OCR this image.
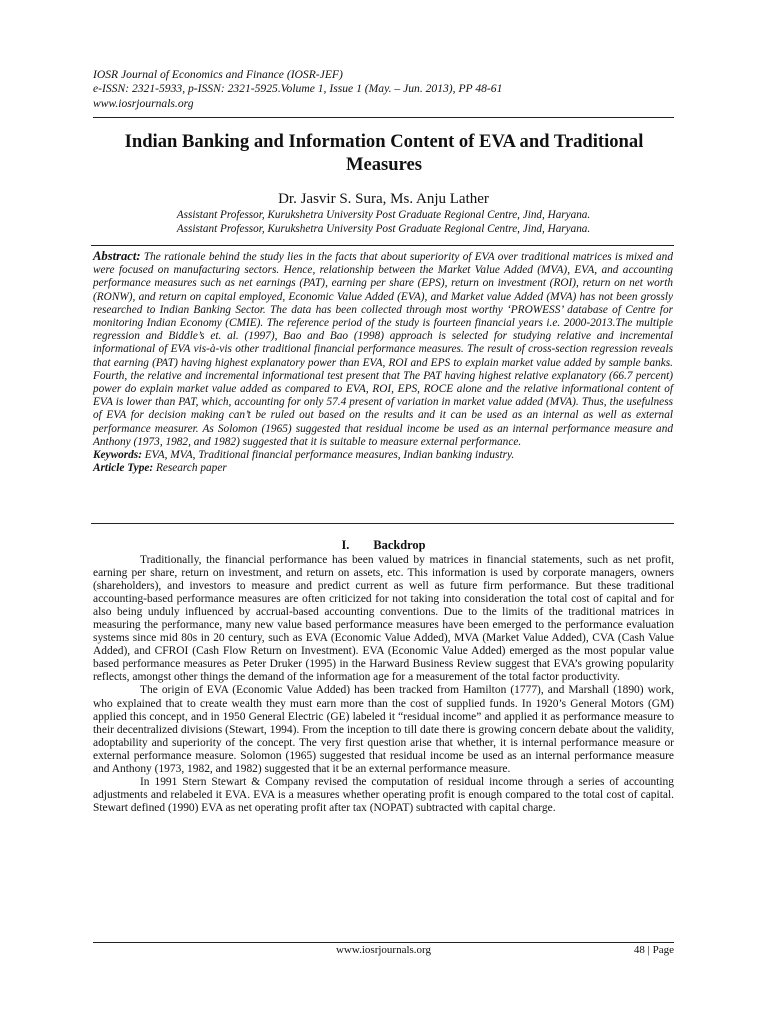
IOSR Journal of Economics and Finance (IOSR-JEF)
e-ISSN: 2321-5933, p-ISSN: 2321-5925.Volume 1, Issue 1 (May. – Jun. 2013), PP 48-61
www.iosrjournals.org
Indian Banking and Information Content of EVA and Traditional Measures
Dr. Jasvir S. Sura, Ms. Anju Lather
Assistant Professor, Kurukshetra University Post Graduate Regional Centre, Jind, Haryana.
Assistant Professor, Kurukshetra University Post Graduate Regional Centre, Jind, Haryana.

Abstract: The rationale behind the study lies in the facts that about superiority of EVA over traditional matrices is mixed and were focused on manufacturing sectors. Hence, relationship between the Market Value Added (MVA), EVA, and accounting performance measures such as net earnings (PAT), earning per share (EPS), return on investment (ROI), return on net worth (RONW), and return on capital employed, Economic Value Added (EVA), and Market value Added (MVA) has not been grossly researched to Indian Banking Sector. The data has been collected through most worthy ‘PROWESS’ database of Centre for monitoring Indian Economy (CMIE). The reference period of the study is fourteen financial years i.e. 2000-2013.The multiple regression and Biddle’s et. al. (1997), Bao and Bao (1998) approach is selected for studying relative and incremental informational of EVA vis-à-vis other traditional financial performance measures. The result of cross-section regression reveals that earning (PAT) having highest explanatory power than EVA, ROI and EPS to explain market value added by sample banks. Fourth, the relative and incremental informational test present that The PAT having highest relative explanatory (66.7 percent) power do explain market value added as compared to EVA, ROI, EPS, ROCE alone and the relative informational content of EVA is lower than PAT, which, accounting for only 57.4 present of variation in market value added (MVA). Thus, the usefulness of EVA for decision making can’t be ruled out based on the results and it can be used as an internal as well as external performance measurer. As Solomon (1965) suggested that residual income be used as an internal performance measure and Anthony (1973, 1982, and 1982) suggested that it is suitable to measure external performance.

Keywords: EVA, MVA, Traditional financial performance measures, Indian banking industry.

Article Type: Research paper

I. Backdrop

Traditionally, the financial performance has been valued by matrices in financial statements, such as net profit, earning per share, return on investment, and return on assets, etc. This information is used by corporate managers, owners (shareholders), and investors to measure and predict current as well as future firm performance. But these traditional accounting-based performance measures are often criticized for not taking into consideration the total cost of capital and for also being unduly influenced by accrual-based accounting conventions. Due to the limits of the traditional matrices in measuring the performance, many new value based performance measures have been emerged to the performance evaluation systems since mid 80s in 20 century, such as EVA (Economic Value Added), MVA (Market Value Added), CVA (Cash Value Added), and CFROI (Cash Flow Return on Investment). EVA (Economic Value Added) emerged as the most popular value based performance measures as Peter Druker (1995) in the Harward Business Review suggest that EVA’s growing popularity reflects, amongst other things the demand of the information age for a measurement of the total factor productivity.

The origin of EVA (Economic Value Added) has been tracked from Hamilton (1777), and Marshall (1890) work, who explained that to create wealth they must earn more than the cost of supplied funds. In 1920’s General Motors (GM) applied this concept, and in 1950 General Electric (GE) labeled it “residual income” and applied it as performance measure to their decentralized divisions (Stewart, 1994). From the inception to till date there is growing concern debate about the validity, adoptability and superiority of the concept. The very first question arise that whether, it is internal performance measure or external performance measure. Solomon (1965) suggested that residual income be used as an internal performance measure and Anthony (1973, 1982, and 1982) suggested that it be an external performance measure.

In 1991 Stern Stewart & Company revised the computation of residual income through a series of accounting adjustments and relabeled it EVA. EVA is a measures whether operating profit is enough compared to the total cost of capital. Stewart defined (1990) EVA as net operating profit after tax (NOPAT) subtracted with capital charge.

www.iosrjournals.org	48 | Page
